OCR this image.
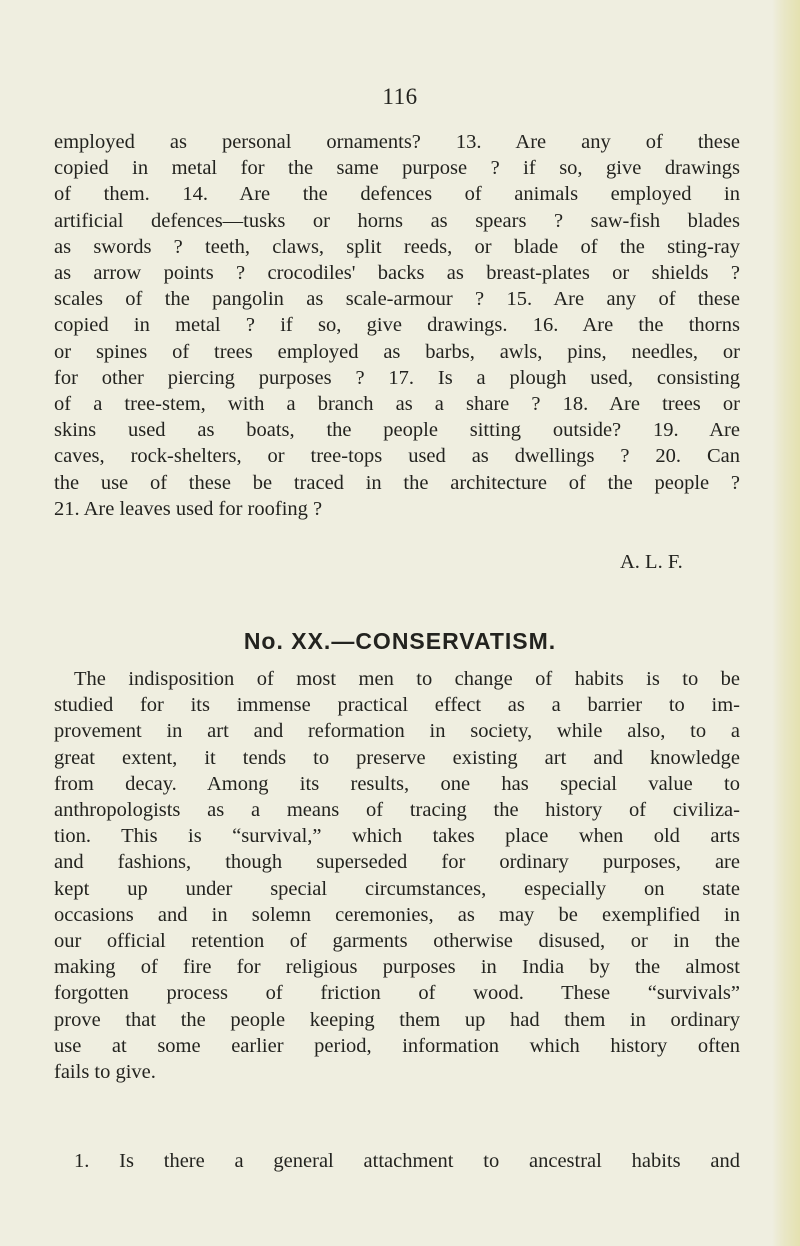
116
employed as personal ornaments? 13. Are any of these
copied in metal for the same purpose ? if so, give drawings
of them. 14. Are the defences of animals employed in
artificial defences—tusks or horns as spears ? saw-fish blades
as swords ? teeth, claws, split reeds, or blade of the sting-ray
as arrow points ? crocodiles' backs as breast-plates or shields ?
scales of the pangolin as scale-armour ? 15. Are any of these
copied in metal ? if so, give drawings. 16. Are the thorns
or spines of trees employed as barbs, awls, pins, needles, or
for other piercing purposes ? 17. Is a plough used, consisting
of a tree-stem, with a branch as a share ? 18. Are trees or
skins used as boats, the people sitting outside? 19. Are
caves, rock-shelters, or tree-tops used as dwellings ? 20. Can
the use of these be traced in the architecture of the people ?
21. Are leaves used for roofing ?
A. L. F.
No. XX.—CONSERVATISM.
The indisposition of most men to change of habits is to be
studied for its immense practical effect as a barrier to im-
provement in art and reformation in society, while also, to a
great extent, it tends to preserve existing art and knowledge
from decay. Among its results, one has special value to
anthropologists as a means of tracing the history of civiliza-
tion. This is “survival,” which takes place when old arts
and fashions, though superseded for ordinary purposes, are
kept up under special circumstances, especially on state
occasions and in solemn ceremonies, as may be exemplified in
our official retention of garments otherwise disused, or in the
making of fire for religious purposes in India by the almost
forgotten process of friction of wood. These “survivals”
prove that the people keeping them up had them in ordinary
use at some earlier period, information which history often
fails to give.
1. Is there a general attachment to ancestral habits and
